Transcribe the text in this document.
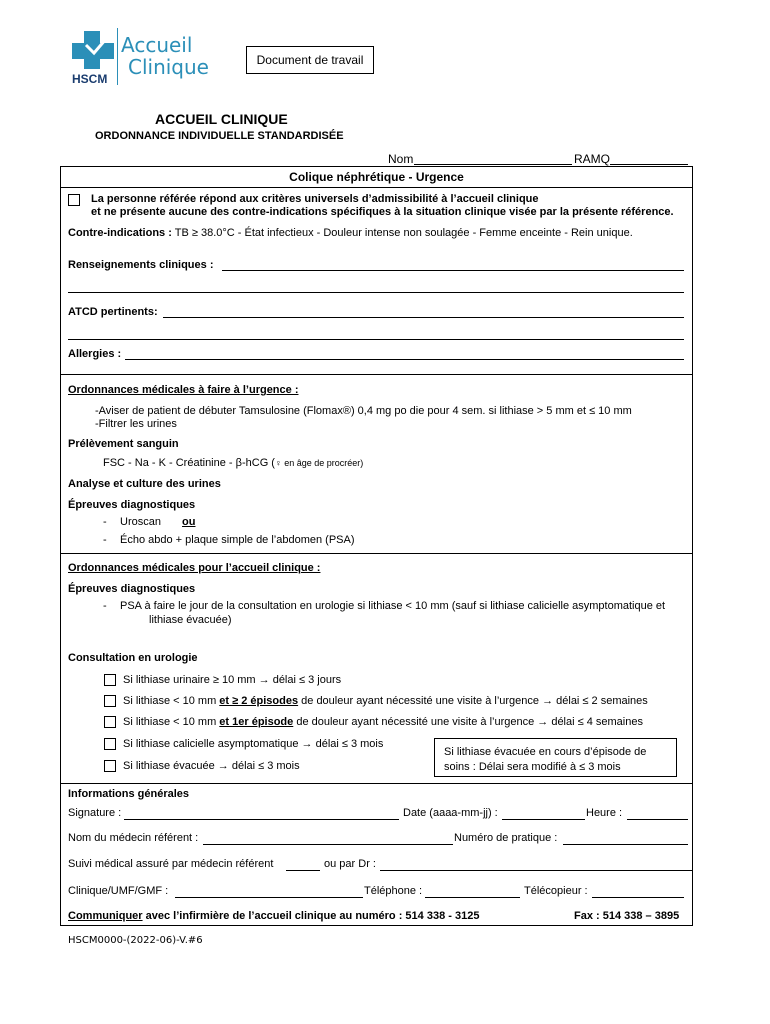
Accueil
Clinique
HSCM
Document de travail
ACCUEIL CLINIQUE
ORDONNANCE INDIVIDUELLE STANDARDISÉE
Nom	RAMQ
Colique néphrétique - Urgence
La personne référée répond aux critères universels d’admissibilité à l’accueil clinique
et ne présente aucune des contre-indications spécifiques à la situation clinique visée par la présente référence.
Contre-indications : TB ≥ 38.0°C - État infectieux - Douleur intense non soulagée - Femme enceinte - Rein unique.
Renseignements cliniques :
ATCD pertinents:
Allergies :
Ordonnances médicales à faire à l’urgence :
-Aviser de patient de débuter Tamsulosine (Flomax®) 0,4 mg po die pour 4 sem. si lithiase > 5 mm et ≤ 10 mm
-Filtrer les urines
Prélèvement sanguin
FSC - Na - K - Créatinine - β-hCG (♀ en âge de procréer)
Analyse et culture des urines
Épreuves diagnostiques
- Uroscan ou
- Écho abdo + plaque simple de l’abdomen (PSA)
Ordonnances médicales pour l’accueil clinique :
Épreuves diagnostiques
- PSA à faire le jour de la consultation en urologie si lithiase < 10 mm (sauf si lithiase calicielle asymptomatique et
lithiase évacuée)
Consultation en urologie
Si lithiase urinaire ≥ 10 mm → délai ≤ 3 jours
Si lithiase < 10 mm et ≥ 2 épisodes de douleur ayant nécessité une visite à l’urgence → délai ≤ 2 semaines
Si lithiase < 10 mm et 1er épisode de douleur ayant nécessité une visite à l’urgence → délai ≤ 4 semaines
Si lithiase calicielle asymptomatique → délai ≤ 3 mois
Si lithiase évacuée → délai ≤ 3 mois
Si lithiase évacuée en cours d’épisode de
soins : Délai sera modifié à ≤ 3 mois
Informations générales
Signature :	Date (aaaa-mm-jj) :	Heure :
Nom du médecin référent :	Numéro de pratique :
Suivi médical assuré par médecin référent	ou par Dr :
Clinique/UMF/GMF :	Téléphone :	Télécopieur :
Communiquer avec l’infirmière de l’accueil clinique au numéro : 514 338 - 3125	Fax : 514 338 – 3895
HSCM0000-(2022-06)-V.#6
